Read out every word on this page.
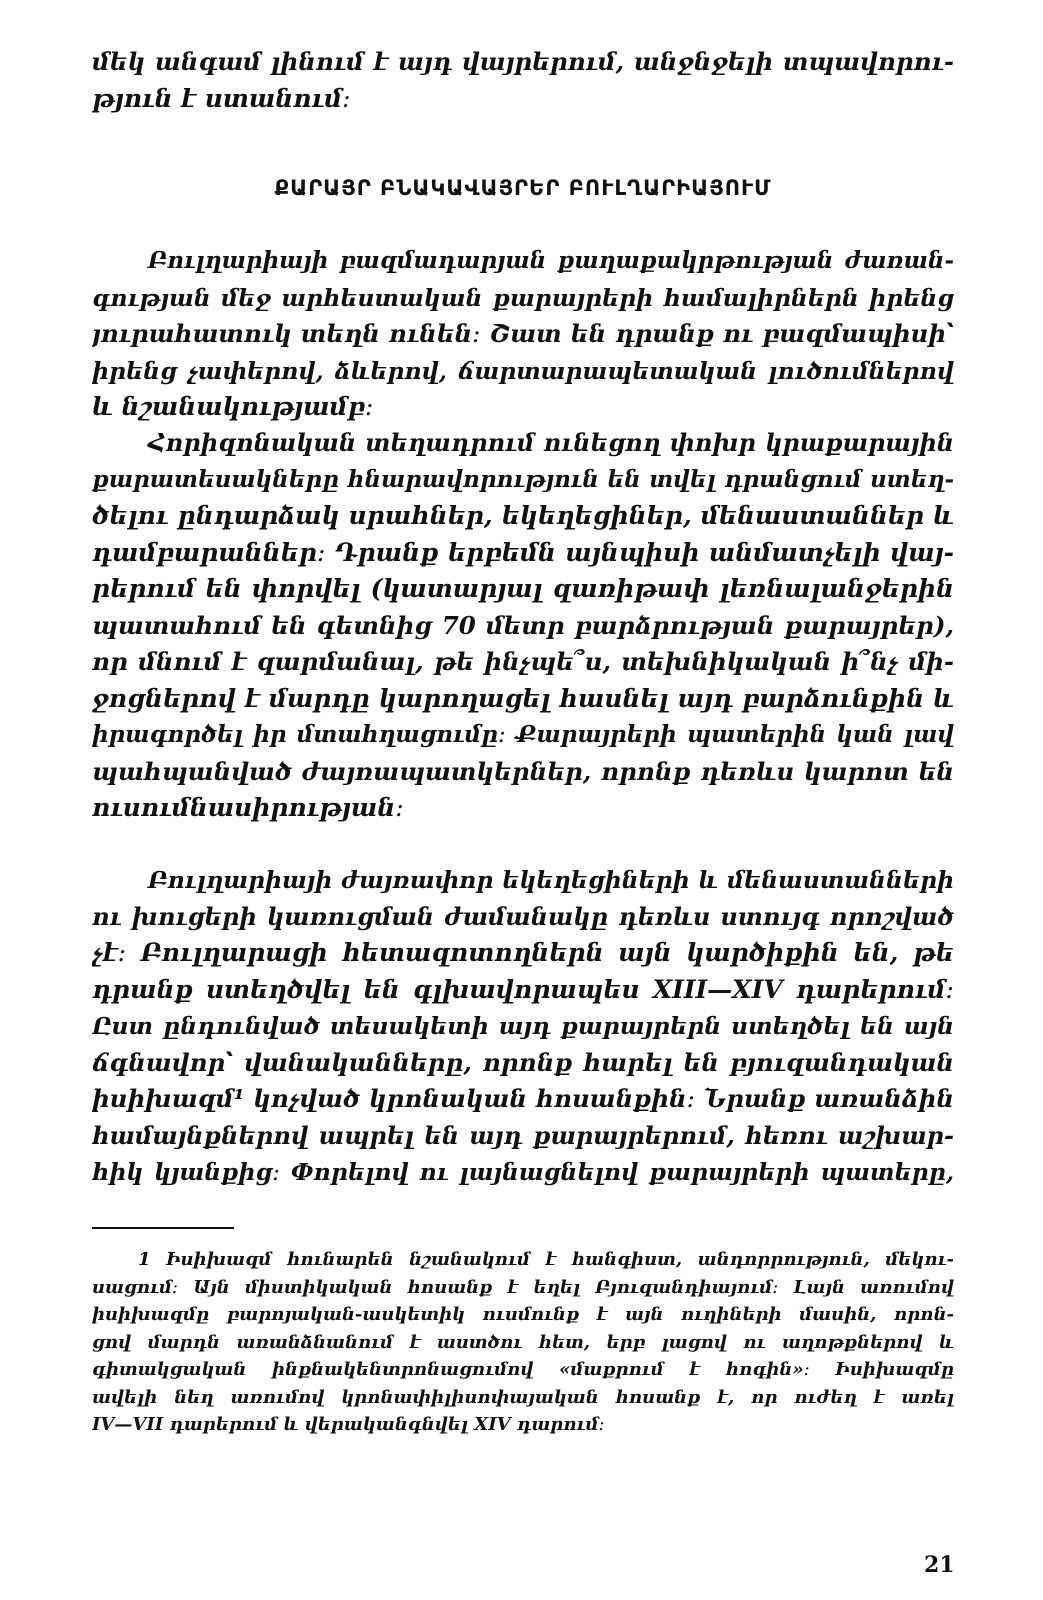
մեկ անգամ լինում է այդ վայրերում, անջնջելի տպավորու-
թյուն է ստանում։
ՔԱՐԱՅՐ ԲՆԱԿԱՎԱՅՐԵՐ ԲՈՒԼՂԱՐԻԱՅՈՒՄ
Բուլղարիայի բազմադարյան քաղաքակրթության ժառան-
գության մեջ արհեստական քարայրերի համալիրներն իրենց
յուրահատուկ տեղն ունեն։ Շատ են դրանք ու բազմապիսի՝
իրենց չափերով, ձևերով, ճարտարապետական լուծումներով
և նշանակությամբ։
Հորիզոնական տեղադրում ունեցող փոխր կրաքարային
քարատեսակները հնարավորություն են տվել դրանցում ստեղ-
ծելու ընդարձակ սրահներ, եկեղեցիներ, մենաստաններ և
դամբարաններ։ Դրանք երբեմն այնպիսի անմատչելի վայ-
րերում են փորվել (կատարյալ զառիթափ լեռնալանջերին
պատահում են գետնից 70 մետր բարձրության քարայրեր),
որ մնում է զարմանալ, թե ինչպե՞ս, տեխնիկական ի՞նչ մի-
ջոցներով է մարդը կարողացել հասնել այդ բարձունքին և
իրագործել իր մտահղացումը։ Քարայրերի պատերին կան լավ
պահպանված ժայռապատկերներ, որոնք դեռևս կարոտ են
ուսումնասիրության։
Բուլղարիայի ժայռափոր եկեղեցիների և մենաստանների
ու խուցերի կառուցման ժամանակը դեռևս ստույգ որոշված
չէ։ Բուլղարացի հետազոտողներն այն կարծիքին են, թե
դրանք ստեղծվել են գլխավորապես XIII—XIV դարերում։
Ըստ ընդունված տեսակետի այդ քարայրերն ստեղծել են այն
ճգնավոր՝ վանականները, որոնք հարել են բյուզանդական
իսիխազմ¹ կոչված կրոնական հոսանքին։ Նրանք առանձին
համայնքներով ապրել են այդ քարայրերում, հեռու աշխար-
հիկ կյանքից։ Փորելով ու լայնացնելով քարայրերի պատերը,
1 Իսիխազմ հունարեն նշանակում է հանգիստ, անդորրություն, մեկու-
սացում։ Այն միստիկական հոսանք է եղել Բյուզանդիայում։ Լայն առումով
իսիխազմը բարոյական-ասկետիկ ուսմունք է այն ուղիների մասին, որոն-
ցով մարդն առանձնանում է աստծու հետ, երբ լացով ու աղոթքներով և
գիտակցական ինքնակենտրոնացումով «մաքրում է հոգին»։ Իսիխազմը
ավելի նեղ առումով կրոնափիլիսոփայական հոսանք է, որ ուժեղ է առել
IV—VII դարերում և վերականգնվել XIV դարում։
21
